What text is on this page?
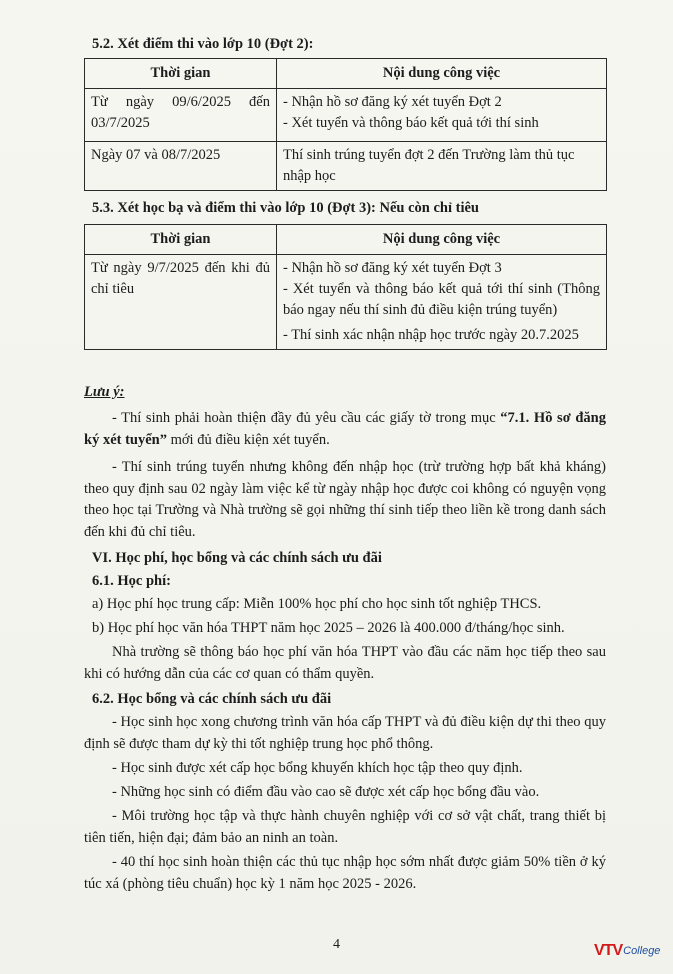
5.2. Xét điểm thi vào lớp 10 (Đợt 2):
Thời gian	Nội dung công việc
Từ ngày 09/6/2025 đến 03/7/2025	- Nhận hồ sơ đăng ký xét tuyển Đợt 2
- Xét tuyển và thông báo kết quả tới thí sinh

Ngày 07 và 08/7/2025	Thí sinh trúng tuyển đợt 2 đến Trường làm thủ tục nhập học
5.3. Xét học bạ và điểm thi vào lớp 10 (Đợt 3): Nếu còn chỉ tiêu
Thời gian	Nội dung công việc
Từ ngày 9/7/2025 đến khi đủ chỉ tiêu	- Nhận hồ sơ đăng ký xét tuyển Đợt 3
- Xét tuyển và thông báo kết quả tới thí sinh (Thông báo ngay nếu thí sinh đủ điều kiện trúng tuyển)
- Thí sinh xác nhận nhập học trước ngày 20.7.2025
Lưu ý:
- Thí sinh phải hoàn thiện đầy đủ yêu cầu các giấy tờ trong mục “7.1. Hồ sơ đăng ký xét tuyển” mới đủ điều kiện xét tuyển.
- Thí sinh trúng tuyển nhưng không đến nhập học (trừ trường hợp bất khả kháng) theo quy định sau 02 ngày làm việc kể từ ngày nhập học được coi không có nguyện vọng theo học tại Trường và Nhà trường sẽ gọi những thí sinh tiếp theo liền kề trong danh sách đến khi đủ chỉ tiêu.
VI. Học phí, học bổng và các chính sách ưu đãi
6.1. Học phí:
a) Học phí học trung cấp: Miễn 100% học phí cho học sinh tốt nghiệp THCS.
b) Học phí học văn hóa THPT năm học 2025 – 2026 là 400.000 đ/tháng/học sinh.
Nhà trường sẽ thông báo học phí văn hóa THPT vào đầu các năm học tiếp theo sau khi có hướng dẫn của các cơ quan có thẩm quyền.
6.2. Học bổng và các chính sách ưu đãi
- Học sinh học xong chương trình văn hóa cấp THPT và đủ điều kiện dự thi theo quy định sẽ được tham dự kỳ thi tốt nghiệp trung học phổ thông.
- Học sinh được xét cấp học bổng khuyến khích học tập theo quy định.
- Những học sinh có điểm đầu vào cao sẽ được xét cấp học bổng đầu vào.
- Môi trường học tập và thực hành chuyên nghiệp với cơ sở vật chất, trang thiết bị tiên tiến, hiện đại; đảm bảo an ninh an toàn.
- 40 thí học sinh hoàn thiện các thủ tục nhập học sớm nhất được giảm 50% tiền ở ký túc xá (phòng tiêu chuẩn) học kỳ 1 năm học 2025 - 2026.
4	VTV College
